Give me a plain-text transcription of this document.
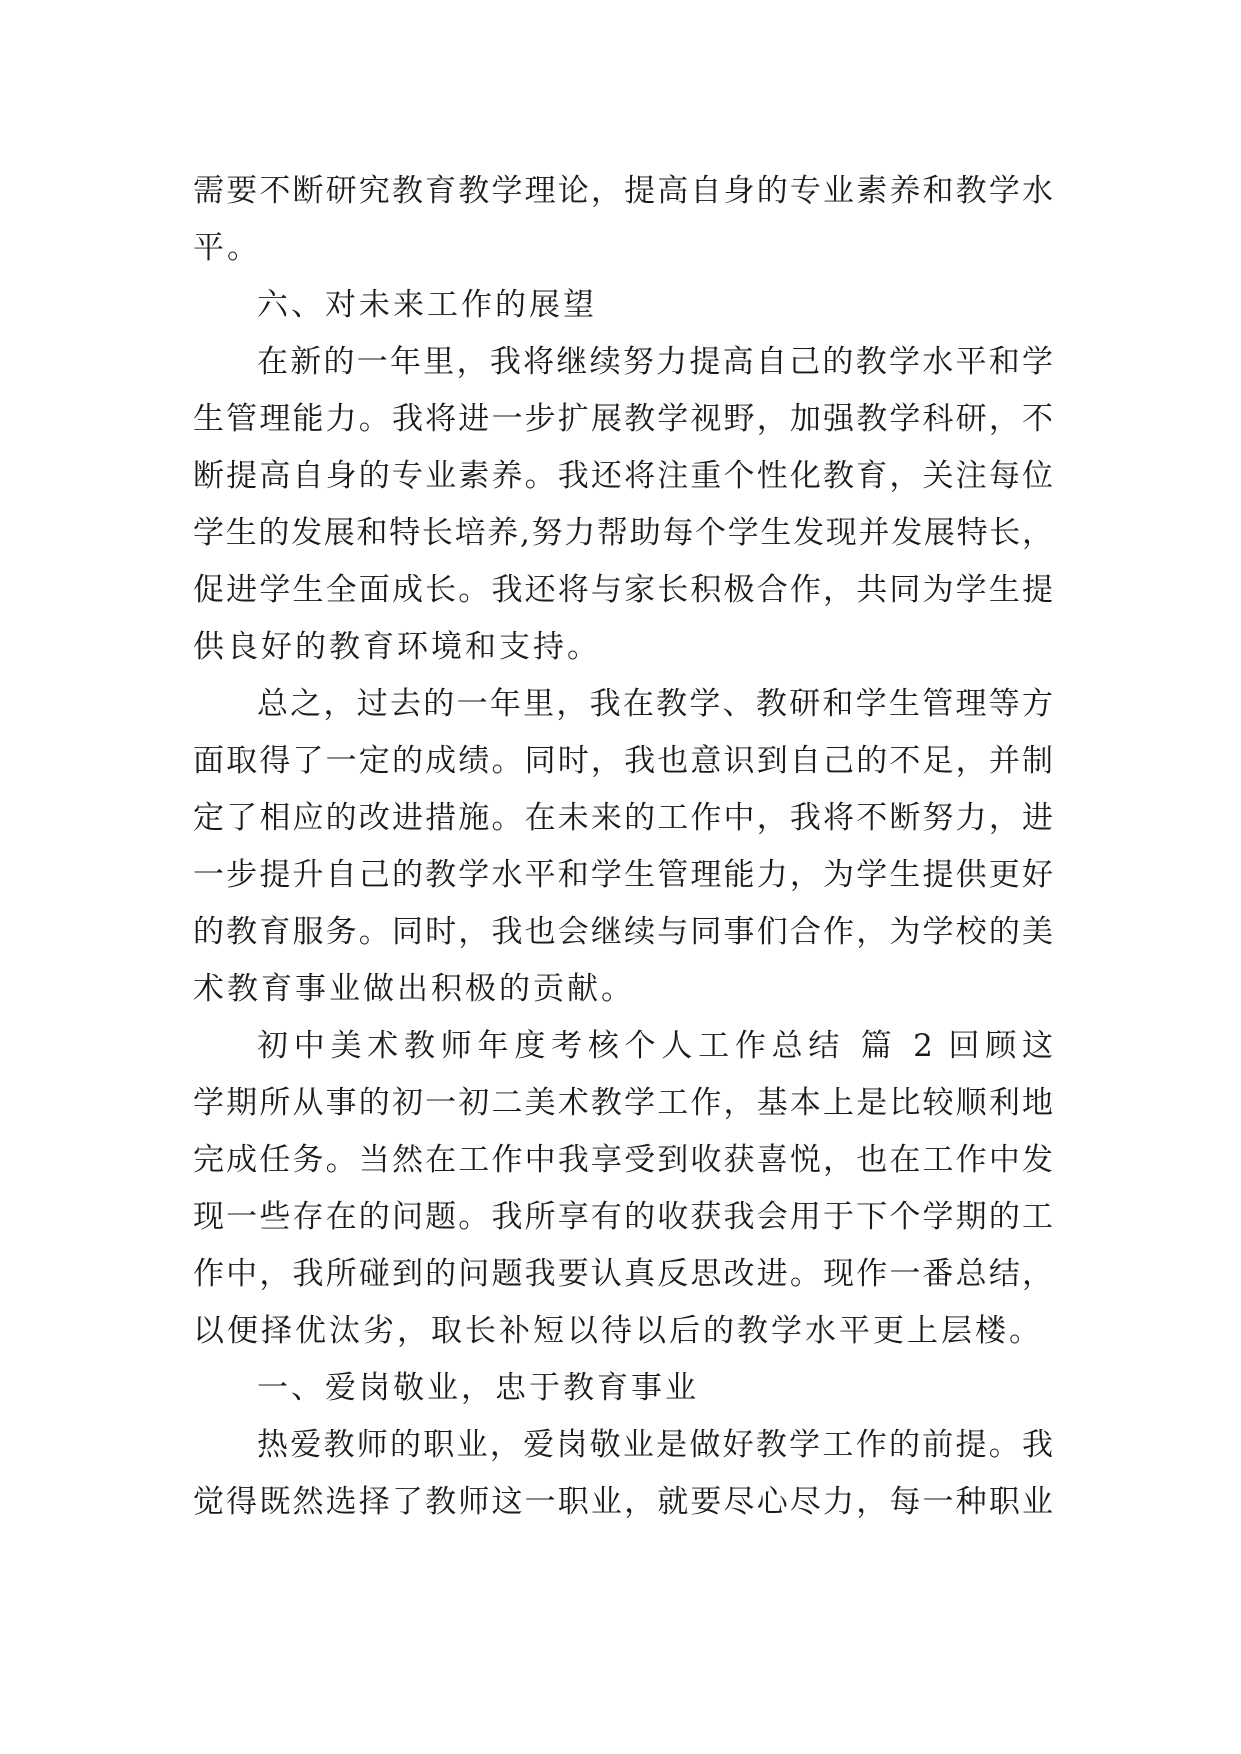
需要不断研究教育教学理论，提高自身的专业素养和教学水
平。
六、对未来工作的展望
在新的一年里，我将继续努力提高自己的教学水平和学
生管理能力。我将进一步扩展教学视野，加强教学科研，不
断提高自身的专业素养。我还将注重个性化教育，关注每位
学生的发展和特长培养,努力帮助每个学生发现并发展特长，
促进学生全面成长。我还将与家长积极合作，共同为学生提
供良好的教育环境和支持。
总之，过去的一年里，我在教学、教研和学生管理等方
面取得了一定的成绩。同时，我也意识到自己的不足，并制
定了相应的改进措施。在未来的工作中，我将不断努力，进
一步提升自己的教学水平和学生管理能力，为学生提供更好
的教育服务。同时，我也会继续与同事们合作，为学校的美
术教育事业做出积极的贡献。
初中美术教师年度考核个人工作总结 篇 2 回顾这
学期所从事的初一初二美术教学工作，基本上是比较顺利地
完成任务。当然在工作中我享受到收获喜悦，也在工作中发
现一些存在的问题。我所享有的收获我会用于下个学期的工
作中，我所碰到的问题我要认真反思改进。现作一番总结，
以便择优汰劣，取长补短以待以后的教学水平更上层楼。
一、爱岗敬业，忠于教育事业
热爱教师的职业，爱岗敬业是做好教学工作的前提。我
觉得既然选择了教师这一职业，就要尽心尽力，每一种职业
